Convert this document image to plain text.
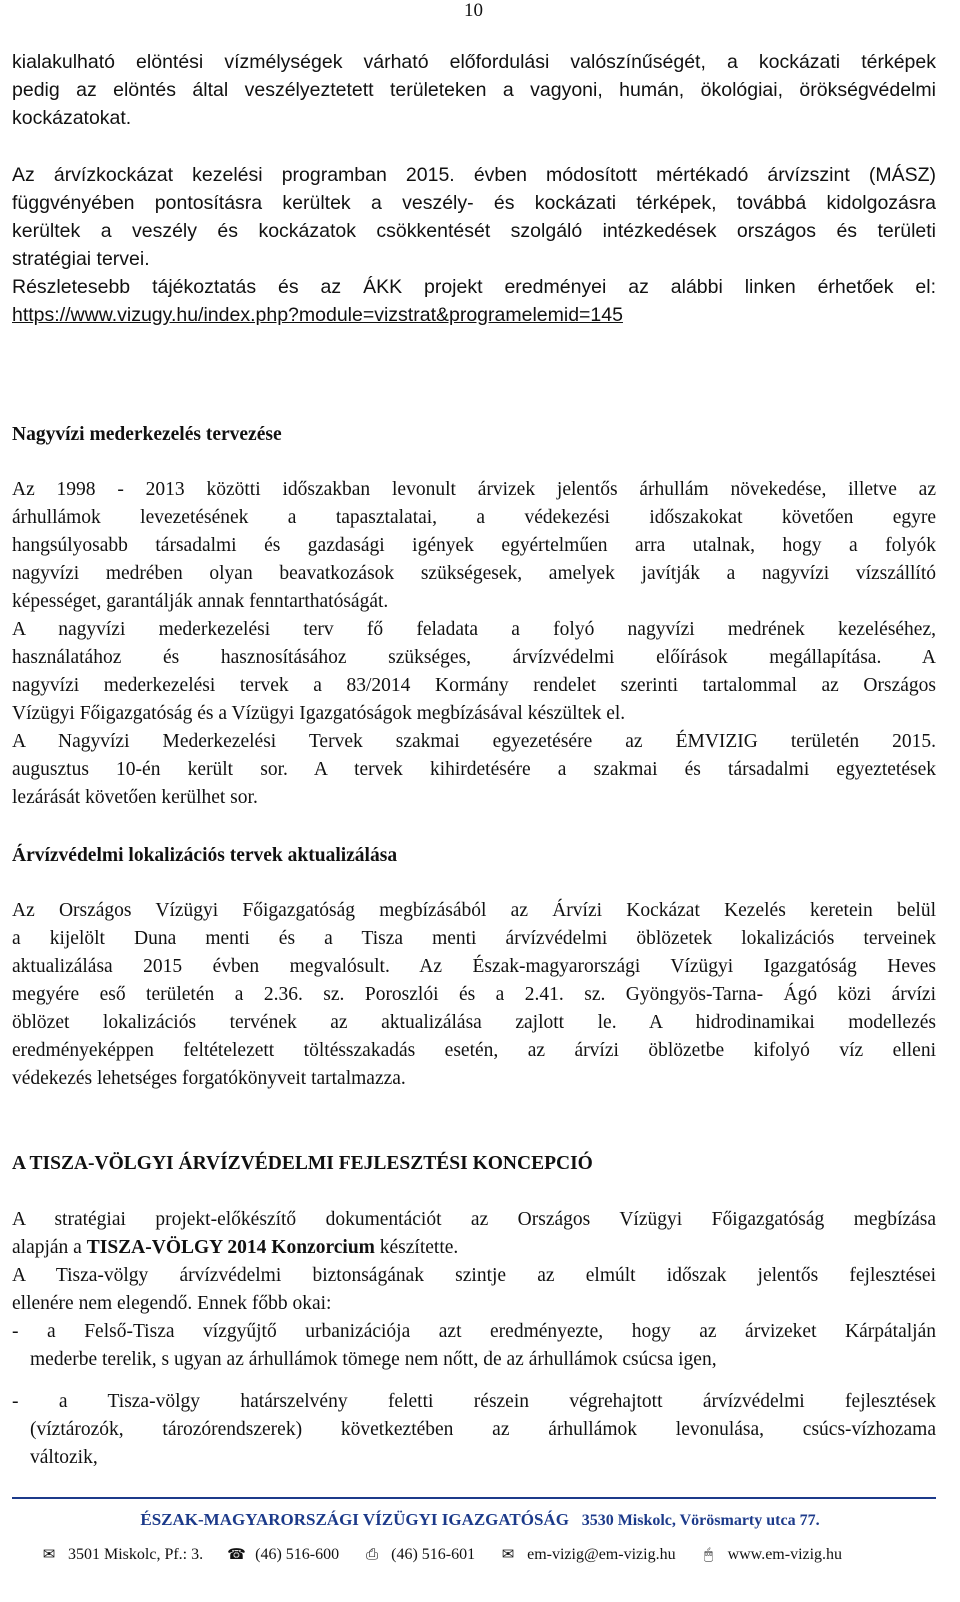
10
kialakulható elöntési vízmélységek várható előfordulási valószínűségét, a kockázati térképek
pedig az elöntés által veszélyeztetett területeken a vagyoni, humán, ökológiai, örökségvédelmi
kockázatokat.
Az árvízkockázat kezelési programban 2015. évben módosított mértékadó árvízszint (MÁSZ)
függvényében pontosításra kerültek a veszély- és kockázati térképek, továbbá kidolgozásra
kerültek a veszély és kockázatok csökkentését szolgáló intézkedések országos és területi
stratégiai tervei.
Részletesebb tájékoztatás és az ÁKK projekt eredményei az alábbi linken érhetőek el:
https://www.vizugy.hu/index.php?module=vizstrat&programelemid=145
Nagyvízi mederkezelés tervezése
Az 1998 - 2013 közötti időszakban levonult árvizek jelentős árhullám növekedése, illetve az
árhullámok levezetésének a tapasztalatai, a védekezési időszakokat követően egyre
hangsúlyosabb társadalmi és gazdasági igények egyértelműen arra utalnak, hogy a folyók
nagyvízi medrében olyan beavatkozások szükségesek, amelyek javítják a nagyvízi vízszállító
képességet, garantálják annak fenntarthatóságát.
A nagyvízi mederkezelési terv fő feladata a folyó nagyvízi medrének kezeléséhez,
használatához és hasznosításához szükséges, árvízvédelmi előírások megállapítása. A
nagyvízi mederkezelési tervek a 83/2014 Kormány rendelet szerinti tartalommal az Országos
Vízügyi Főigazgatóság és a Vízügyi Igazgatóságok megbízásával készültek el.
A Nagyvízi Mederkezelési Tervek szakmai egyezetésére az ÉMVIZIG területén 2015.
augusztus 10-én került sor. A tervek kihirdetésére a szakmai és társadalmi egyeztetések
lezárását követően kerülhet sor.
Árvízvédelmi lokalizációs tervek aktualizálása
Az Országos Vízügyi Főigazgatóság megbízásából az Árvízi Kockázat Kezelés keretein belül
a kijelölt Duna menti és a Tisza menti árvízvédelmi öblözetek lokalizációs terveinek
aktualizálása 2015 évben megvalósult. Az Észak-magyarországi Vízügyi Igazgatóság Heves
megyére eső területén a 2.36. sz. Poroszlói és a 2.41. sz. Gyöngyös-Tarna- Ágó közi árvízi
öblözet lokalizációs tervének az aktualizálása zajlott le. A hidrodinamikai modellezés
eredményeképpen feltételezett töltésszakadás esetén, az árvízi öblözetbe kifolyó víz elleni
védekezés lehetséges forgatókönyveit tartalmazza.
A TISZA-VÖLGYI ÁRVÍZVÉDELMI FEJLESZTÉSI KONCEPCIÓ
A stratégiai projekt-előkészítő dokumentációt az Országos Vízügyi Főigazgatóság megbízása
alapján a TISZA-VÖLGY 2014 Konzorcium készítette.
A Tisza-völgy árvízvédelmi biztonságának szintje az elmúlt időszak jelentős fejlesztései
ellenére nem elegendő. Ennek főbb okai:
- a Felső-Tisza vízgyűjtő urbanizációja azt eredményezte, hogy az árvizeket Kárpátalján
mederbe terelik, s ugyan az árhullámok tömege nem nőtt, de az árhullámok csúcsa igen,
- a Tisza-völgy határszelvény feletti részein végrehajtott árvízvédelmi fejlesztések
(víztározók, tározórendszerek) következtében az árhullámok levonulása, csúcs-vízhozama
változik,
ÉSZAK-MAGYARORSZÁGI VÍZÜGYI IGAZGATÓSÁG 3530 Miskolc, Vörösmarty utca 77.
✉ 3501 Miskolc, Pf.: 3. ☎ (46) 516-600 ⎙ (46) 516-601 ✉ em-vizig@em-vizig.hu 🖱 www.em-vizig.hu
